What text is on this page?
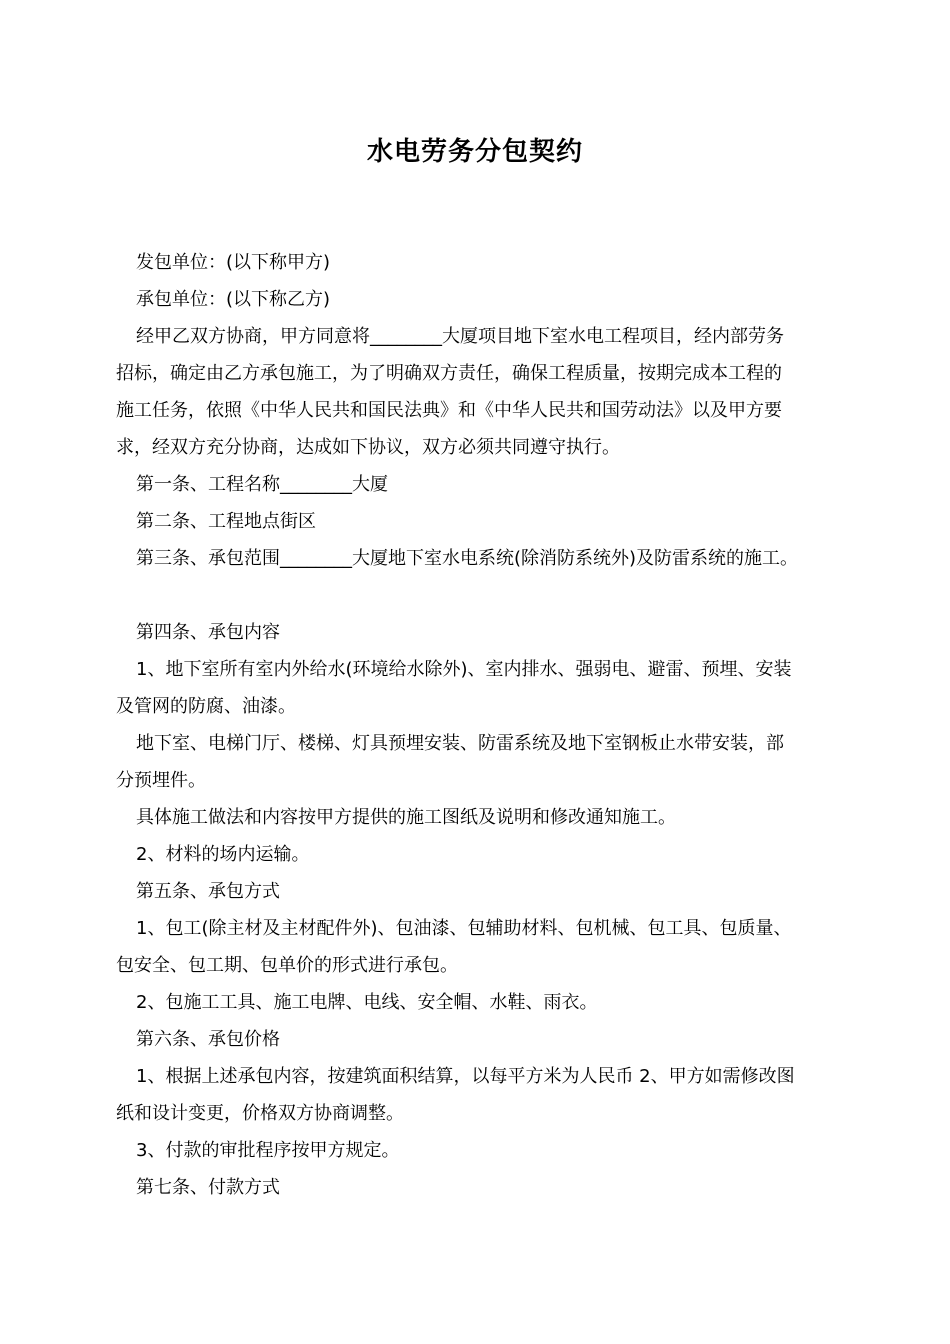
水电劳务分包契约

发包单位：(以下称甲方)

承包单位：(以下称乙方)

经甲乙双方协商，甲方同意将________大厦项目地下室水电工程项目，经内部劳务

招标，确定由乙方承包施工，为了明确双方责任，确保工程质量，按期完成本工程的

施工任务，依照《中华人民共和国民法典》和《中华人民共和国劳动法》以及甲方要

求，经双方充分协商，达成如下协议，双方必须共同遵守执行。

第一条、工程名称________大厦

第二条、工程地点街区

第三条、承包范围________大厦地下室水电系统(除消防系统外)及防雷系统的施工。

第四条、承包内容

1、地下室所有室内外给水(环境给水除外)、室内排水、强弱电、避雷、预埋、安装

及管网的防腐、油漆。

地下室、电梯门厅、楼梯、灯具预埋安装、防雷系统及地下室钢板止水带安装，部

分预埋件。

具体施工做法和内容按甲方提供的施工图纸及说明和修改通知施工。

2、材料的场内运输。

第五条、承包方式

1、包工(除主材及主材配件外)、包油漆、包辅助材料、包机械、包工具、包质量、

包安全、包工期、包单价的形式进行承包。

2、包施工工具、施工电牌、电线、安全帽、水鞋、雨衣。

第六条、承包价格

1、根据上述承包内容，按建筑面积结算，以每平方米为人民币 2、甲方如需修改图

纸和设计变更，价格双方协商调整。

3、付款的审批程序按甲方规定。

第七条、付款方式
